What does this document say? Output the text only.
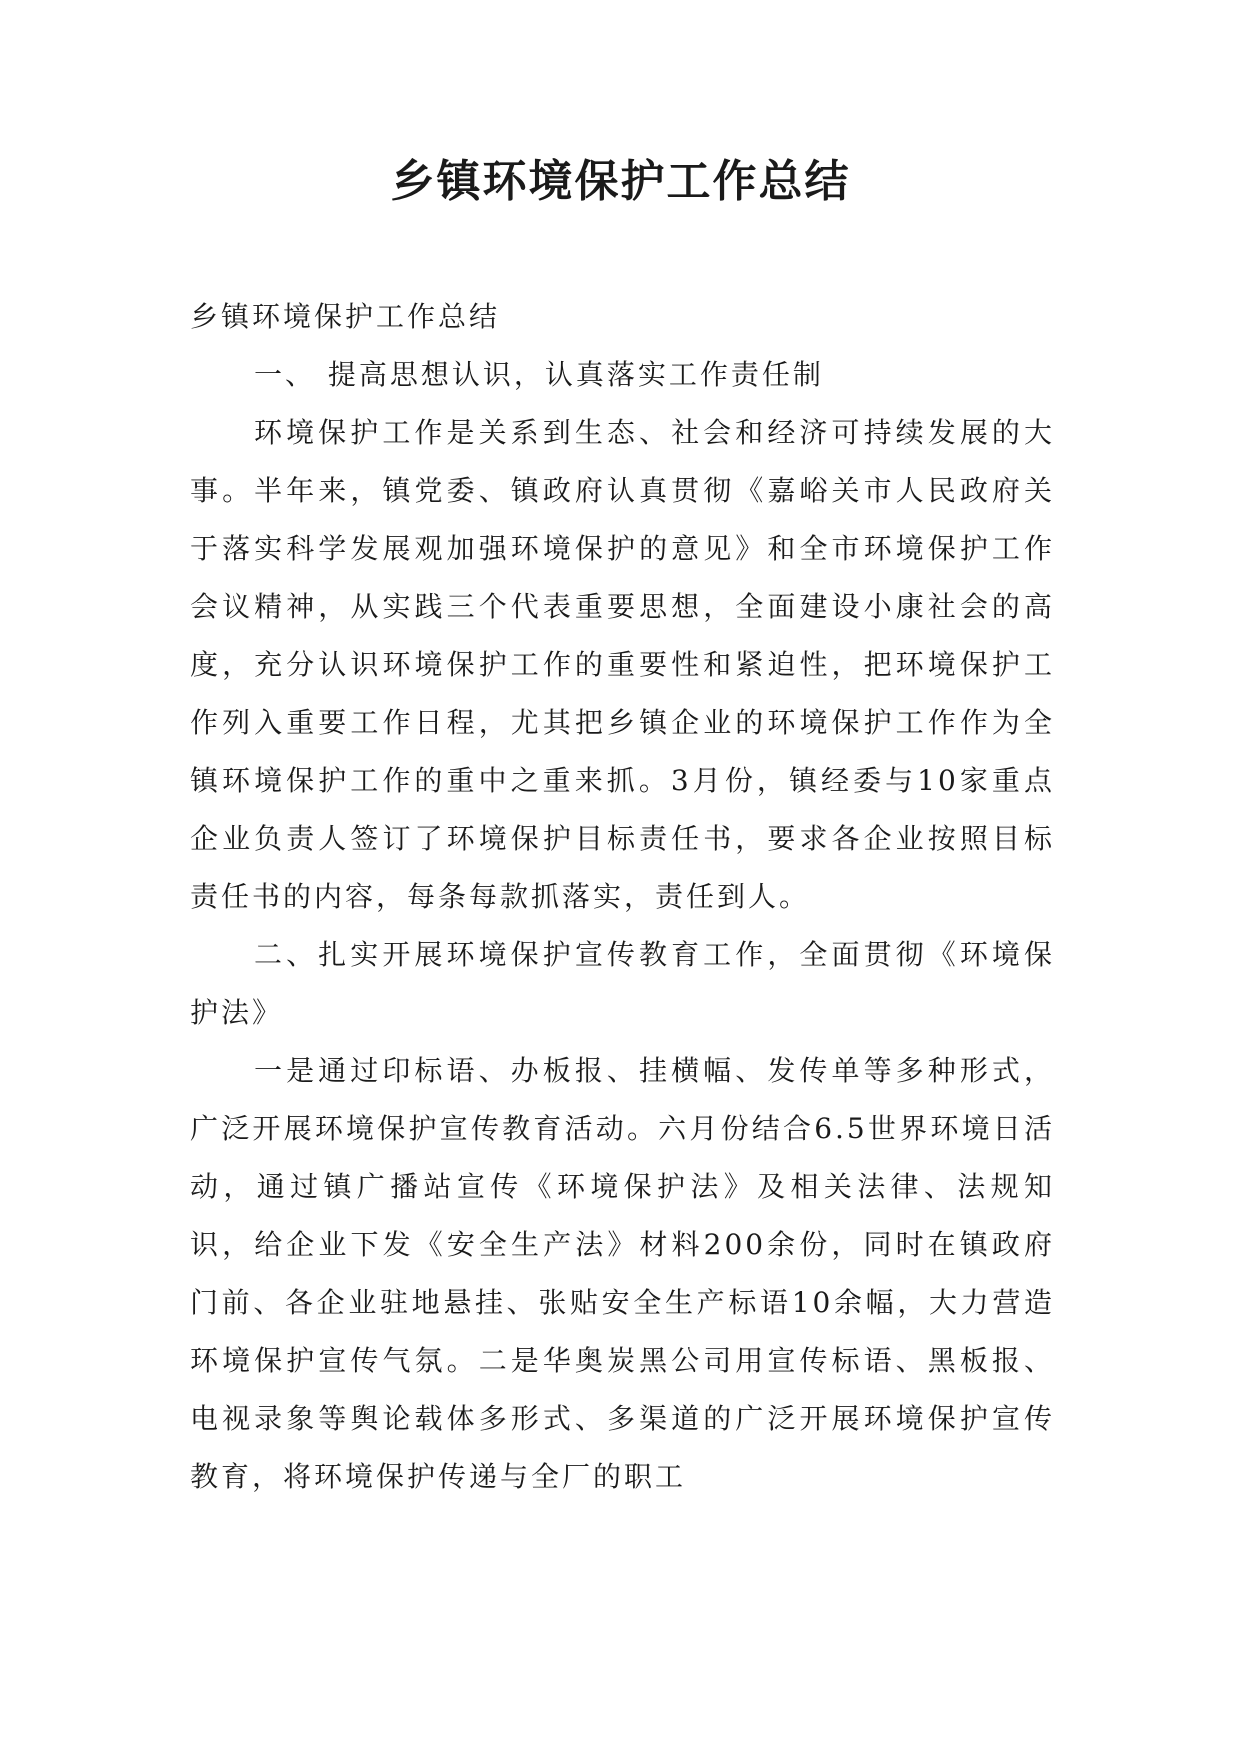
乡镇环境保护工作总结

乡镇环境保护工作总结

一、 提高思想认识，认真落实工作责任制

环境保护工作是关系到生态、社会和经济可持续发展的大事。半年来，镇党委、镇政府认真贯彻《嘉峪关市人民政府关于落实科学发展观加强环境保护的意见》和全市环境保护工作会议精神，从实践三个代表重要思想，全面建设小康社会的高度，充分认识环境保护工作的重要性和紧迫性，把环境保护工作列入重要工作日程，尤其把乡镇企业的环境保护工作作为全镇环境保护工作的重中之重来抓。3月份，镇经委与10家重点企业负责人签订了环境保护目标责任书，要求各企业按照目标责任书的内容，每条每款抓落实，责任到人。

二、扎实开展环境保护宣传教育工作，全面贯彻《环境保护法》

一是通过印标语、办板报、挂横幅、发传单等多种形式，广泛开展环境保护宣传教育活动。六月份结合6.5世界环境日活动，通过镇广播站宣传《环境保护法》及相关法律、法规知识，给企业下发《安全生产法》材料200余份，同时在镇政府门前、各企业驻地悬挂、张贴安全生产标语10余幅，大力营造环境保护宣传气氛。二是华奥炭黑公司用宣传标语、黑板报、电视录象等舆论载体多形式、多渠道的广泛开展环境保护宣传教育，将环境保护传递与全厂的职工
